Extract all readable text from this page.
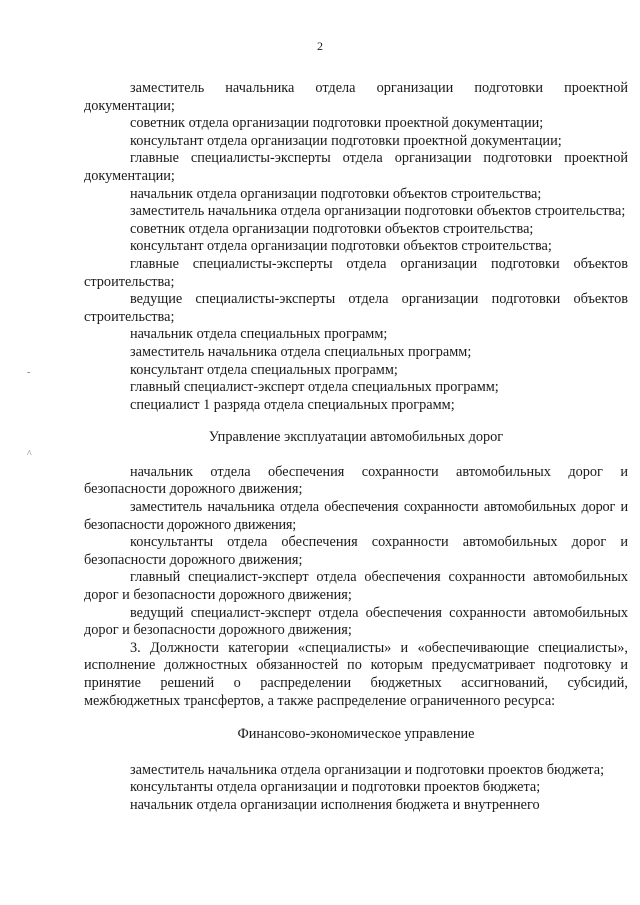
2
-
^

заместитель начальника отдела организации подготовки проектной документации;

советник отдела организации подготовки проектной документации;

консультант отдела организации подготовки проектной документации;

главные специалисты-эксперты отдела организации подготовки проектной документации;

начальник отдела организации подготовки объектов строительства;

заместитель начальника отдела организации подготовки объектов строительства;

советник отдела организации подготовки объектов строительства;

консультант отдела организации подготовки объектов строительства;

главные специалисты-эксперты отдела организации подготовки объектов строительства;

ведущие специалисты-эксперты отдела организации подготовки объектов строительства;

начальник отдела специальных программ;

заместитель начальника отдела специальных программ;

консультант отдела специальных программ;

главный специалист-эксперт отдела специальных программ;

специалист 1 разряда отдела специальных программ;

Управление эксплуатации автомобильных дорог

начальник отдела обеспечения сохранности автомобильных дорог и безопасности дорожного движения;

заместитель начальника отдела обеспечения сохранности автомобильных дорог и безопасности дорожного движения;

консультанты отдела обеспечения сохранности автомобильных дорог и безопасности дорожного движения;

главный специалист-эксперт отдела обеспечения сохранности автомобильных дорог и безопасности дорожного движения;

ведущий специалист-эксперт отдела обеспечения сохранности автомобильных дорог и безопасности дорожного движения;

3. Должности категории «специалисты» и «обеспечивающие специалисты», исполнение должностных обязанностей по которым предусматривает подготовку и принятие решений о распределении бюджетных ассигнований, субсидий, межбюджетных трансфертов, а также распределение ограниченного ресурса:

Финансово-экономическое управление

заместитель начальника отдела организации и подготовки проектов бюджета;

консультанты отдела организации и подготовки проектов бюджета;

начальник отдела организации исполнения бюджета и внутреннего
